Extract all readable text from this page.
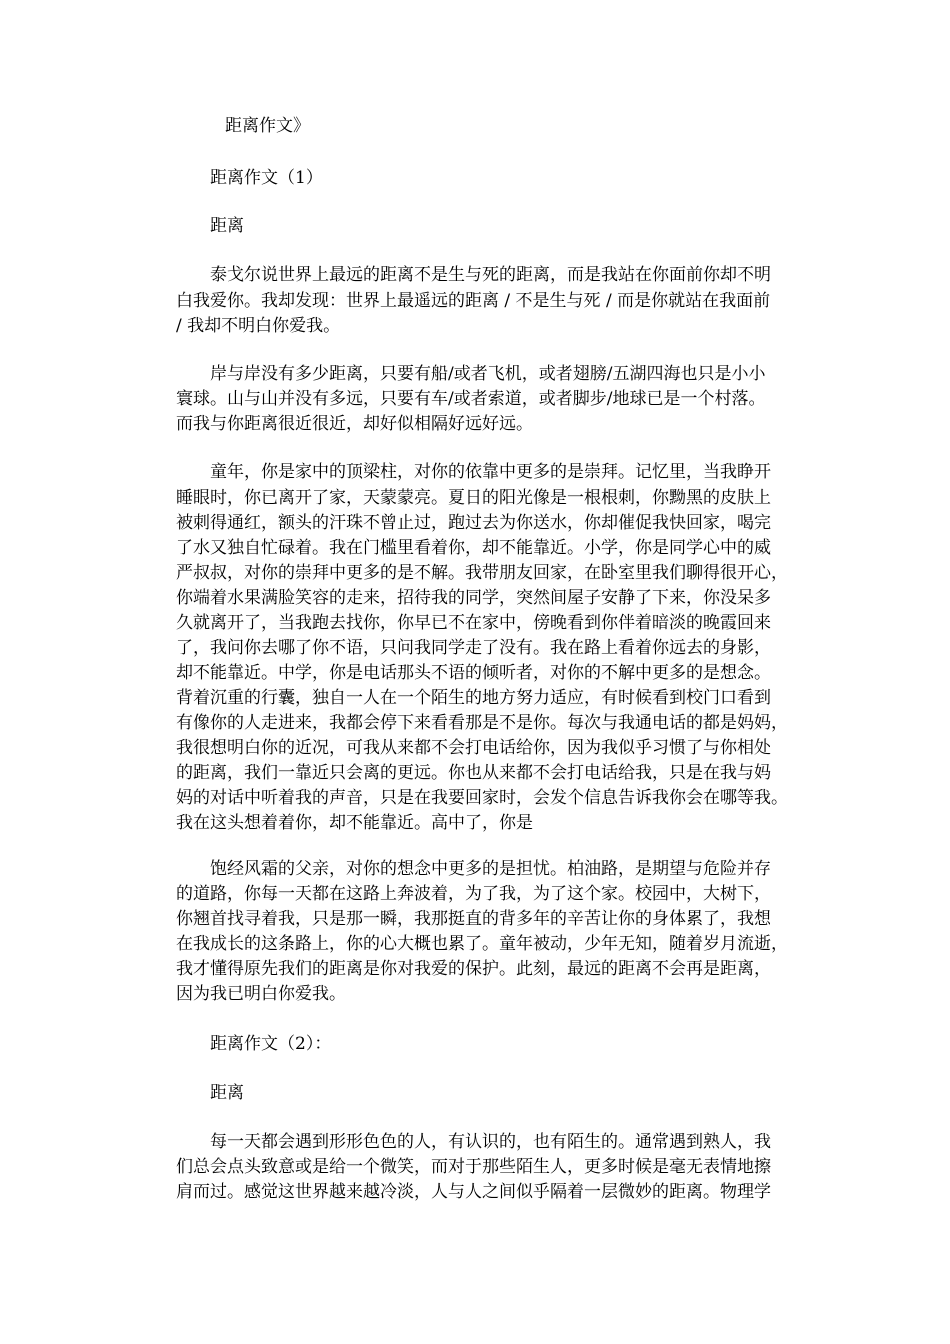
距离作文》
距离作文（1）
距离
泰戈尔说世界上最远的距离不是生与死的距离，而是我站在你面前你却不明
白我爱你。我却发现：世界上最遥远的距离 / 不是生与死 / 而是你就站在我面前
/ 我却不明白你爱我。
岸与岸没有多少距离，只要有船/或者飞机，或者翅膀/五湖四海也只是小小
寰球。山与山并没有多远，只要有车/或者索道，或者脚步/地球已是一个村落。
而我与你距离很近很近，却好似相隔好远好远。
童年，你是家中的顶梁柱，对你的依靠中更多的是崇拜。记忆里，当我睁开
睡眼时，你已离开了家，天蒙蒙亮。夏日的阳光像是一根根刺，你黝黑的皮肤上
被刺得通红，额头的汗珠不曾止过，跑过去为你送水，你却催促我快回家，喝完
了水又独自忙碌着。我在门槛里看着你，却不能靠近。小学，你是同学心中的威
严叔叔，对你的崇拜中更多的是不解。我带朋友回家，在卧室里我们聊得很开心，
你端着水果满脸笑容的走来，招待我的同学，突然间屋子安静了下来，你没呆多
久就离开了，当我跑去找你，你早已不在家中，傍晚看到你伴着暗淡的晚霞回来
了，我问你去哪了你不语，只问我同学走了没有。我在路上看着你远去的身影，
却不能靠近。中学，你是电话那头不语的倾听者，对你的不解中更多的是想念。
背着沉重的行囊，独自一人在一个陌生的地方努力适应，有时候看到校门口看到
有像你的人走进来，我都会停下来看看那是不是你。每次与我通电话的都是妈妈，
我很想明白你的近况，可我从来都不会打电话给你，因为我似乎习惯了与你相处
的距离，我们一靠近只会离的更远。你也从来都不会打电话给我，只是在我与妈
妈的对话中听着我的声音，只是在我要回家时，会发个信息告诉我你会在哪等我。
我在这头想着着你，却不能靠近。高中了，你是
饱经风霜的父亲，对你的想念中更多的是担忧。柏油路，是期望与危险并存
的道路，你每一天都在这路上奔波着，为了我，为了这个家。校园中，大树下，
你翘首找寻着我，只是那一瞬，我那挺直的背多年的辛苦让你的身体累了，我想
在我成长的这条路上，你的心大概也累了。童年被动，少年无知，随着岁月流逝，
我才懂得原先我们的距离是你对我爱的保护。此刻，最远的距离不会再是距离，
因为我已明白你爱我。
距离作文（2）：
距离
每一天都会遇到形形色色的人，有认识的，也有陌生的。通常遇到熟人，我
们总会点头致意或是给一个微笑，而对于那些陌生人，更多时候是毫无表情地擦
肩而过。感觉这世界越来越冷淡，人与人之间似乎隔着一层微妙的距离。物理学
